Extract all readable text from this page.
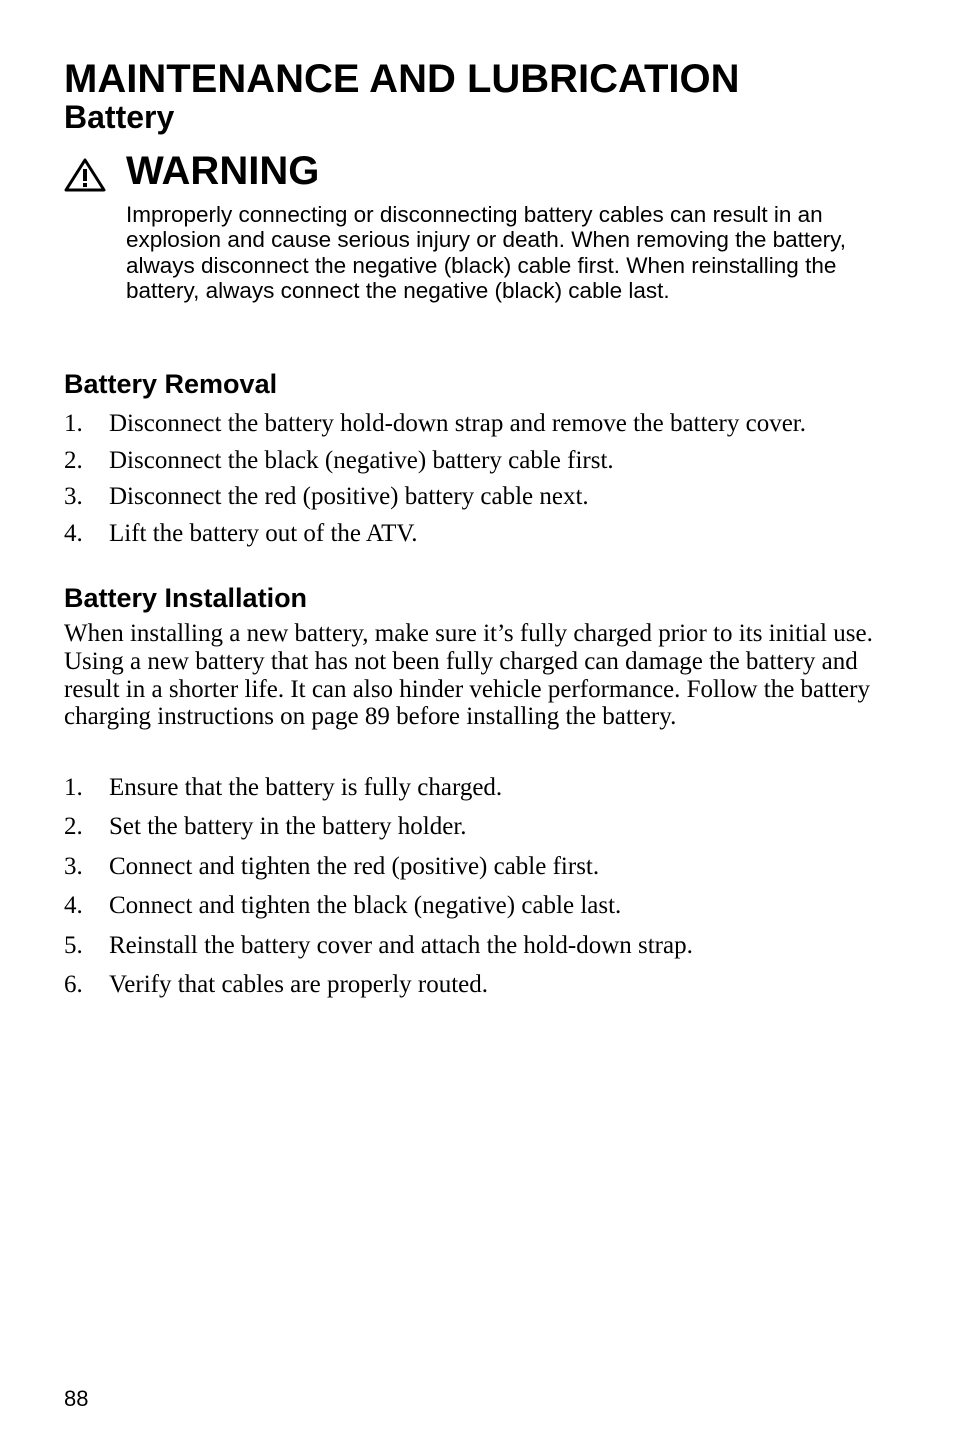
MAINTENANCE AND LUBRICATION
Battery
WARNING

Improperly connecting or disconnecting battery cables can result in an explosion and cause serious injury or death. When removing the battery, always disconnect the negative (black) cable first. When reinstalling the battery, always connect the negative (black) cable last.

Battery Removal
1. Disconnect the battery hold-down strap and remove the battery cover.
2. Disconnect the black (negative) battery cable first.
3. Disconnect the red (positive) battery cable next.
4. Lift the battery out of the ATV.
Battery Installation

When installing a new battery, make sure it’s fully charged prior to its initial use. Using a new battery that has not been fully charged can damage the battery and result in a shorter life. It can also hinder vehicle performance. Follow the battery charging instructions on page 89 before installing the battery.

1. Ensure that the battery is fully charged.
2. Set the battery in the battery holder.
3. Connect and tighten the red (positive) cable first.
4. Connect and tighten the black (negative) cable last.
5. Reinstall the battery cover and attach the hold-down strap.
6. Verify that cables are properly routed.
88
